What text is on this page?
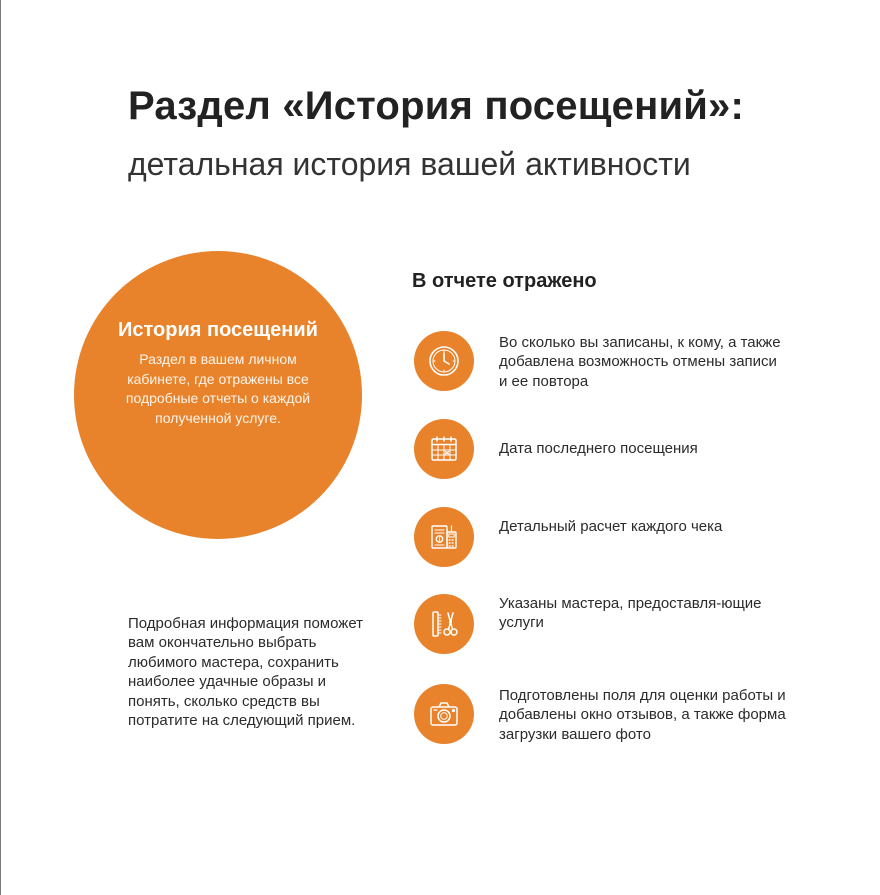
Раздел «История посещений»:
детальная история вашей активности
История посещений
Раздел в вашем личном кабинете, где отражены все подробные отчеты о каждой полученной услуге.
Подробная информация поможет вам окончательно выбрать любимого мастера, сохранить наиболее удачные образы и понять, сколько средств вы потратите на следующий прием.
В отчете отражено
Во сколько вы записаны, к кому, а также добавлена возможность отмены записи и ее повтора
Дата последнего посещения
Детальный расчет каждого чека
Указаны мастера, предоставля-ющие услуги
Подготовлены поля для оценки работы и добавлены окно отзывов, а также форма загрузки вашего фото
